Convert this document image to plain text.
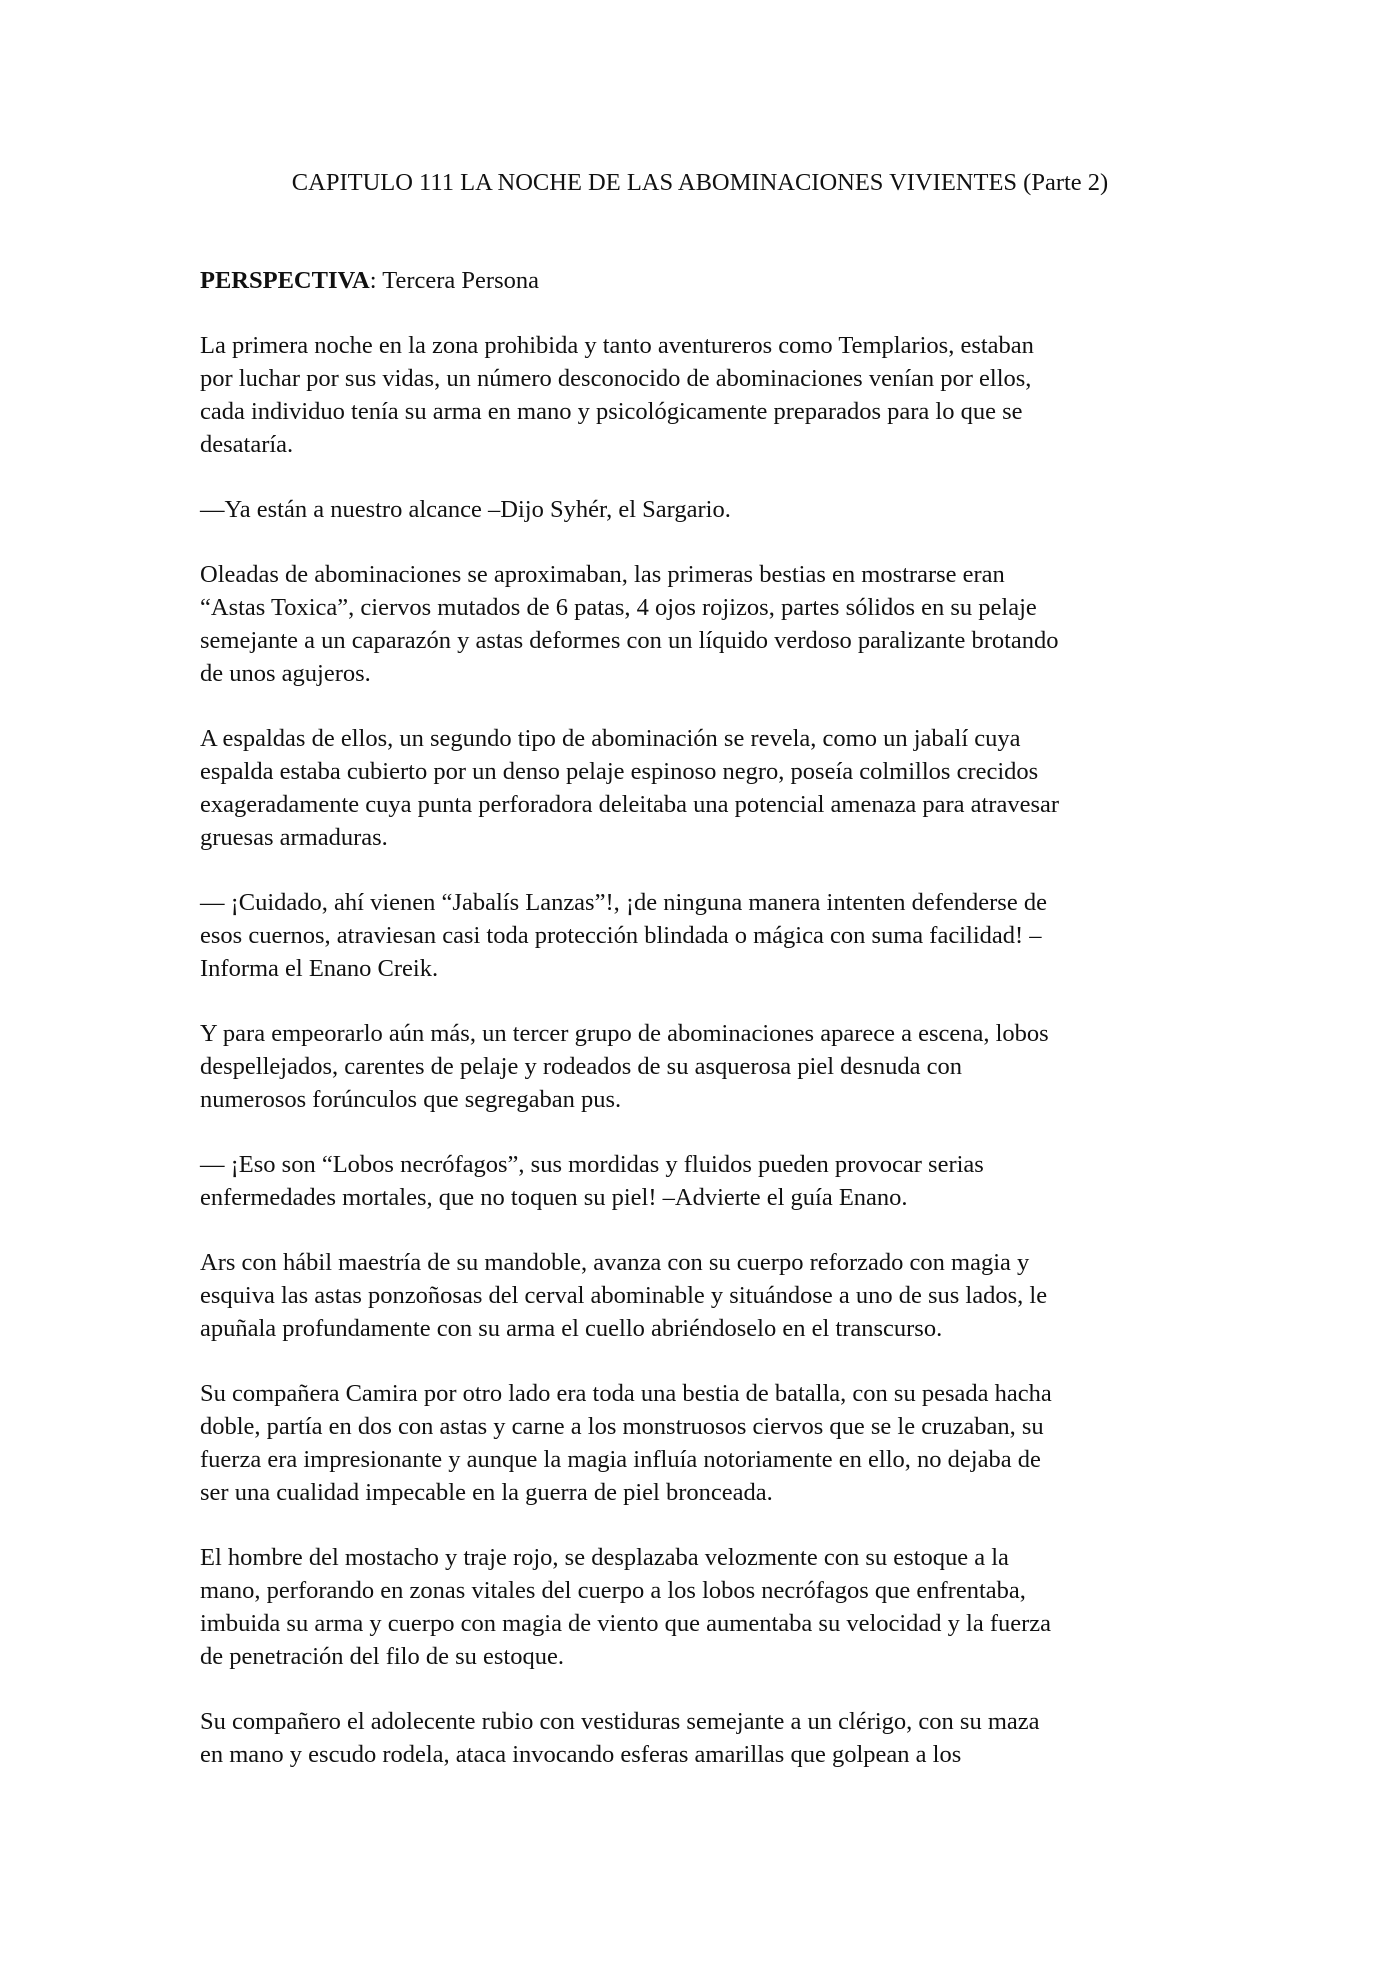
CAPITULO 111 LA NOCHE DE LAS ABOMINACIONES VIVIENTES (Parte 2)

PERSPECTIVA: Tercera Persona

La primera noche en la zona prohibida y tanto aventureros como Templarios, estaban
por luchar por sus vidas, un número desconocido de abominaciones venían por ellos,
cada individuo tenía su arma en mano y psicológicamente preparados para lo que se
desataría.

—Ya están a nuestro alcance –Dijo Syhér, el Sargario.

Oleadas de abominaciones se aproximaban, las primeras bestias en mostrarse eran
“Astas Toxica”, ciervos mutados de 6 patas, 4 ojos rojizos, partes sólidos en su pelaje
semejante a un caparazón y astas deformes con un líquido verdoso paralizante brotando
de unos agujeros.

A espaldas de ellos, un segundo tipo de abominación se revela, como un jabalí cuya
espalda estaba cubierto por un denso pelaje espinoso negro, poseía colmillos crecidos
exageradamente cuya punta perforadora deleitaba una potencial amenaza para atravesar
gruesas armaduras.

— ¡Cuidado, ahí vienen “Jabalís Lanzas”!, ¡de ninguna manera intenten defenderse de
esos cuernos, atraviesan casi toda protección blindada o mágica con suma facilidad! –
Informa el Enano Creik.

Y para empeorarlo aún más, un tercer grupo de abominaciones aparece a escena, lobos
despellejados, carentes de pelaje y rodeados de su asquerosa piel desnuda con
numerosos forúnculos que segregaban pus.

— ¡Eso son “Lobos necrófagos”, sus mordidas y fluidos pueden provocar serias
enfermedades mortales, que no toquen su piel! –Advierte el guía Enano.

Ars con hábil maestría de su mandoble, avanza con su cuerpo reforzado con magia y
esquiva las astas ponzoñosas del cerval abominable y situándose a uno de sus lados, le
apuñala profundamente con su arma el cuello abriéndoselo en el transcurso.

Su compañera Camira por otro lado era toda una bestia de batalla, con su pesada hacha
doble, partía en dos con astas y carne a los monstruosos ciervos que se le cruzaban, su
fuerza era impresionante y aunque la magia influía notoriamente en ello, no dejaba de
ser una cualidad impecable en la guerra de piel bronceada.

El hombre del mostacho y traje rojo, se desplazaba velozmente con su estoque a la
mano, perforando en zonas vitales del cuerpo a los lobos necrófagos que enfrentaba,
imbuida su arma y cuerpo con magia de viento que aumentaba su velocidad y la fuerza
de penetración del filo de su estoque.

Su compañero el adolecente rubio con vestiduras semejante a un clérigo, con su maza
en mano y escudo rodela, ataca invocando esferas amarillas que golpean a los
